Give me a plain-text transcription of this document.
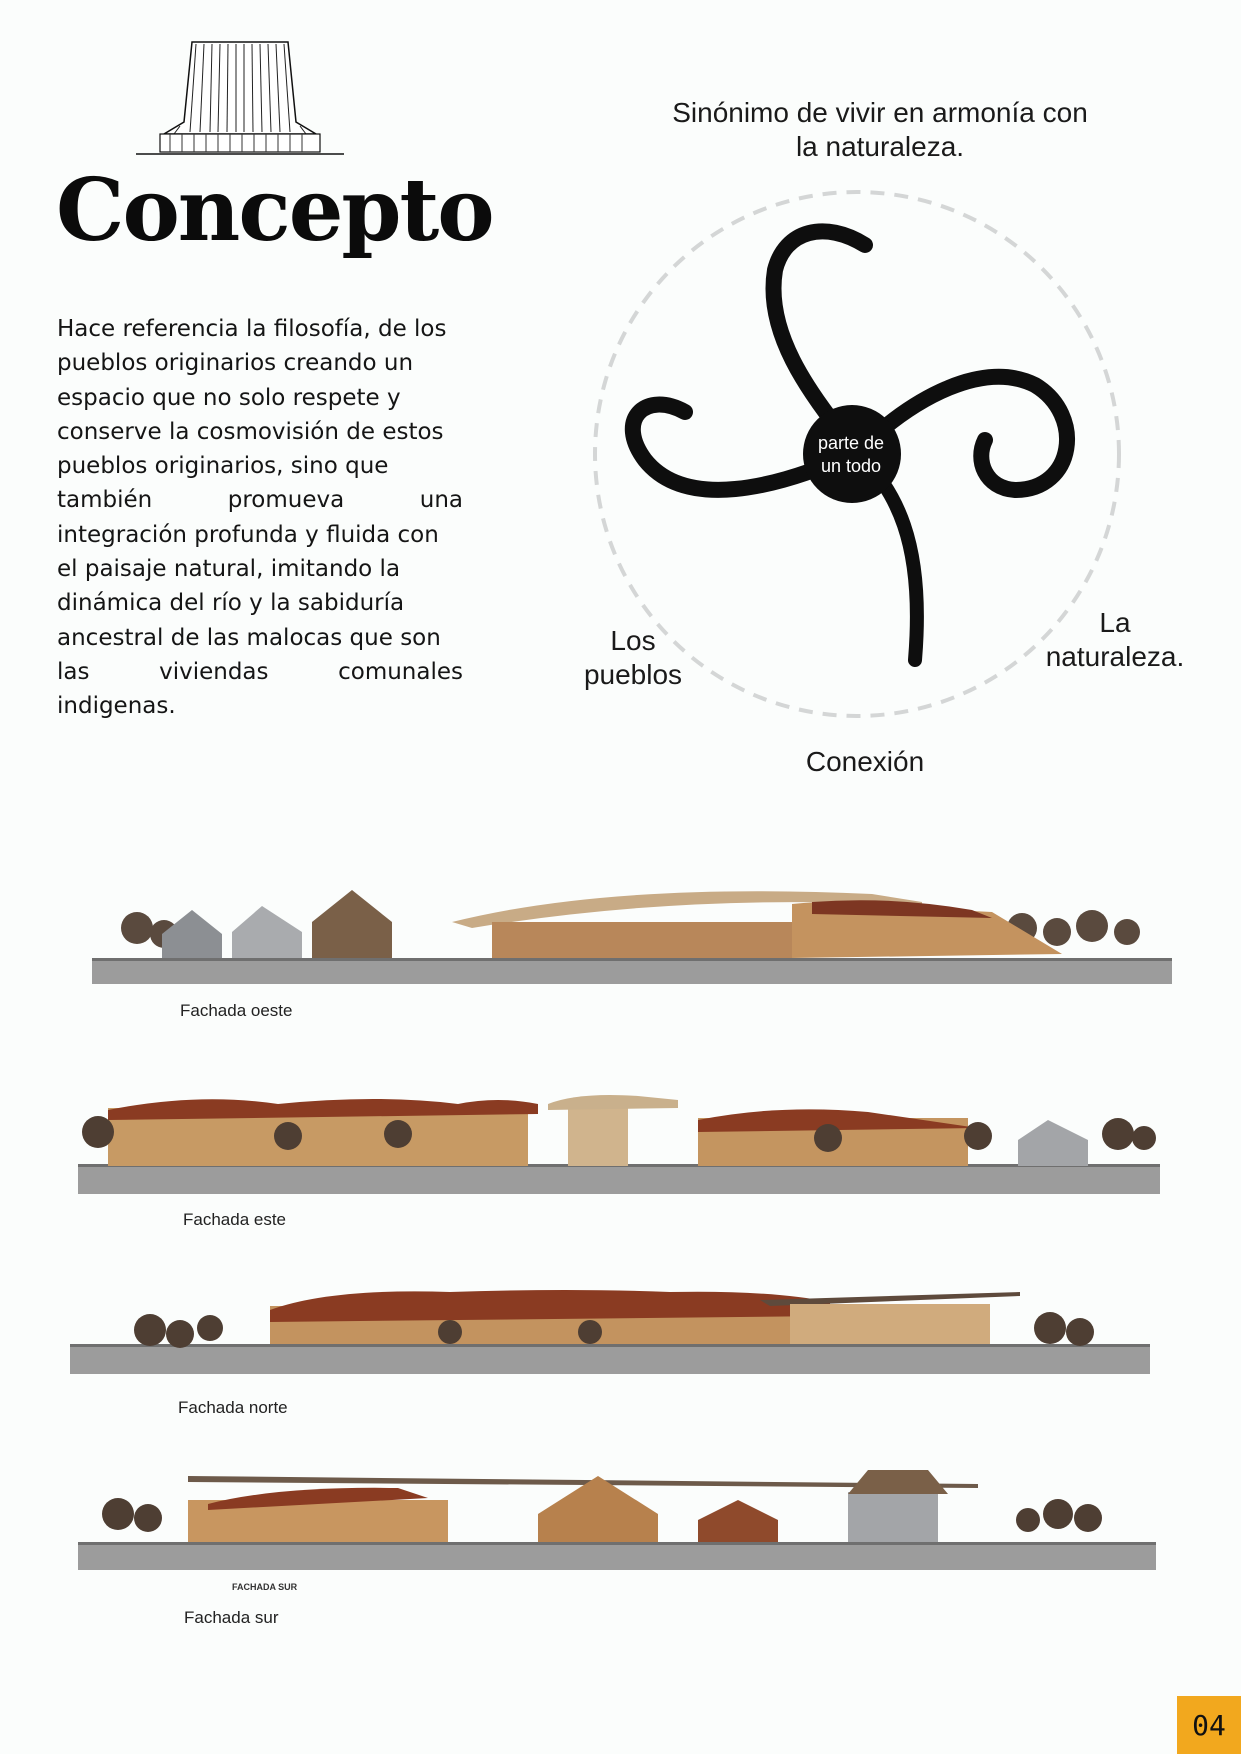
Concepto
Hace referencia la filosofía, de los
pueblos originarios creando un
espacio que no solo respete y
conserve la cosmovisión de estos
pueblos originarios, sino que
también promueva una
integración profunda y fluida con
el paisaje natural, imitando la
dinámica del río y la sabiduría
ancestral de las malocas que son
las viviendas comunales
indigenas.
Sinónimo de vivir en armonía con
la naturaleza.
parte de
un todo
Los
pueblos
La
naturaleza.
Conexión
Fachada oeste
Fachada este
Fachada norte
FACHADA SUR
Fachada sur
04
